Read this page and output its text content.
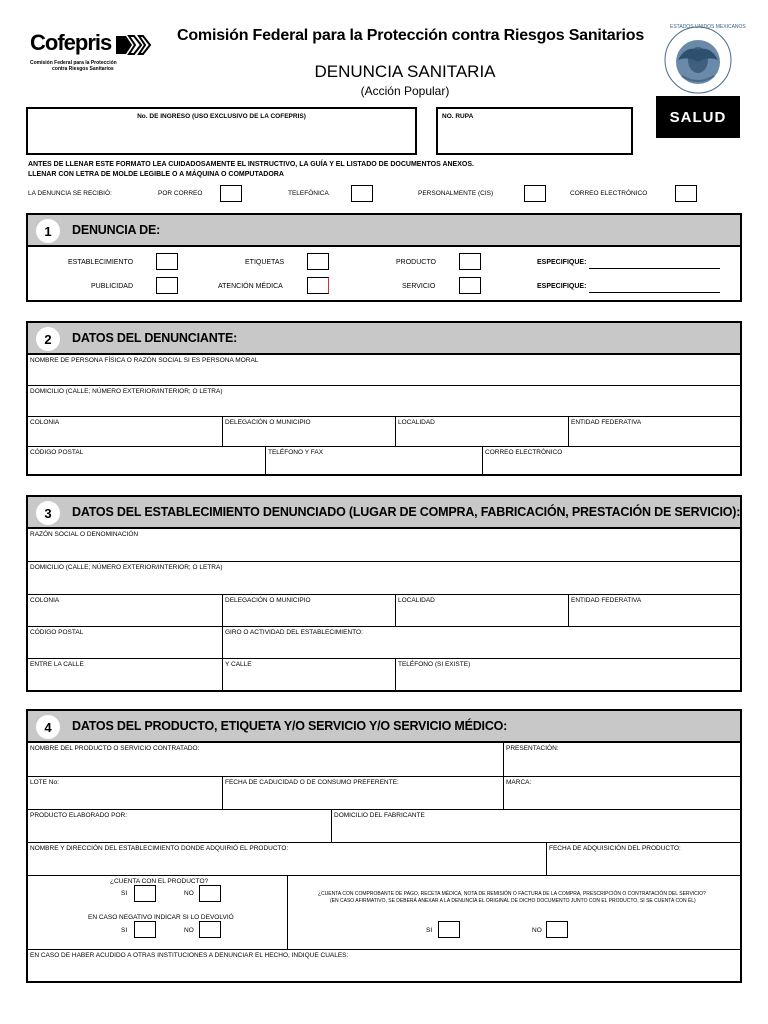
Cofepris
Comisión Federal para la Protección
contra Riesgos Sanitarios
Comisión Federal para la Protección contra Riesgos Sanitarios
DENUNCIA SANITARIA
(Acción Popular)
ESTADOS UNIDOS MEXICANOS
SALUD
No. DE INGRESO (USO EXCLUSIVO DE LA COFEPRIS)	NO. RUPA
ANTES DE LLENAR ESTE FORMATO LEA CUIDADOSAMENTE EL INSTRUCTIVO, LA GUÍA Y EL LISTADO DE DOCUMENTOS ANEXOS.
LLENAR CON LETRA DE MOLDE LEGIBLE O A MÁQUINA O COMPUTADORA
LA DENUNCIA SE RECIBIÓ:	POR CORREO	TELEFÓNICA	PERSONALMENTE (CIS)	CORREO ELECTRÓNICO
1	DENUNCIA DE:
ESTABLECIMIENTO	ETIQUETAS	PRODUCTO	ESPECIFIQUE:
PUBLICIDAD	ATENCIÓN MÉDICA	SERVICIO	ESPECIFIQUE:
2	DATOS DEL DENUNCIANTE:
NOMBRE DE PERSONA FÍSICA O RAZÓN SOCIAL SI ES PERSONA MORAL
DOMICILIO (CALLE; NÚMERO EXTERIOR/INTERIOR; O LETRA)
COLONIA	DELEGACIÓN O MUNICIPIO	LOCALIDAD	ENTIDAD FEDERATIVA
CÓDIGO POSTAL	TELÉFONO Y FAX	CORREO ELECTRÓNICO
3	DATOS DEL ESTABLECIMIENTO DENUNCIADO (LUGAR DE COMPRA, FABRICACIÓN, PRESTACIÓN DE SERVICIO):
RAZÓN SOCIAL O DENOMINACIÓN
DOMICILIO (CALLE; NÚMERO EXTERIOR/INTERIOR; O LETRA)
COLONIA	DELEGACIÓN O MUNICIPIO	LOCALIDAD	ENTIDAD FEDERATIVA
CÓDIGO POSTAL	GIRO O ACTIVIDAD DEL ESTABLECIMIENTO:
ENTRE LA CALLE	Y CALLE	TELÉFONO (SI EXISTE)
4	DATOS DEL PRODUCTO, ETIQUETA Y/O SERVICIO Y/O SERVICIO MÉDICO:
NOMBRE DEL PRODUCTO O SERVICIO CONTRATADO:	PRESENTACIÓN:
LOTE No:	FECHA DE CADUCIDAD O DE CONSUMO PREFERENTE:	MARCA:
PRODUCTO ELABORADO POR:	DOMICILIO DEL FABRICANTE
NOMBRE Y DIRECCIÓN DEL ESTABLECIMIENTO DONDE ADQUIRIÓ EL PRODUCTO:	FECHA DE ADQUISICIÓN DEL PRODUCTO:
¿CUENTA CON EL PRODUCTO?
SI	NO
EN CASO NEGATIVO INDICAR SI LO DEVOLVIÓ
SI	NO
¿CUENTA CON COMPROBANTE DE PAGO, RECETA MÉDICA, NOTA DE REMISIÓN O FACTURA DE LA COMPRA, PRESCRIPCIÓN O CONTRATACIÓN DEL SERVICIO?
(EN CASO AFIRMATIVO, SE DEBERÁ ANEXAR A LA DENUNCIA EL ORIGINAL DE DICHO DOCUMENTO JUNTO CON EL PRODUCTO, SI SE CUENTA CON ÉL)
SI	NO
EN CASO DE HABER ACUDIDO A OTRAS INSTITUCIONES A DENUNCIAR EL HECHO, INDIQUE CUALES:
